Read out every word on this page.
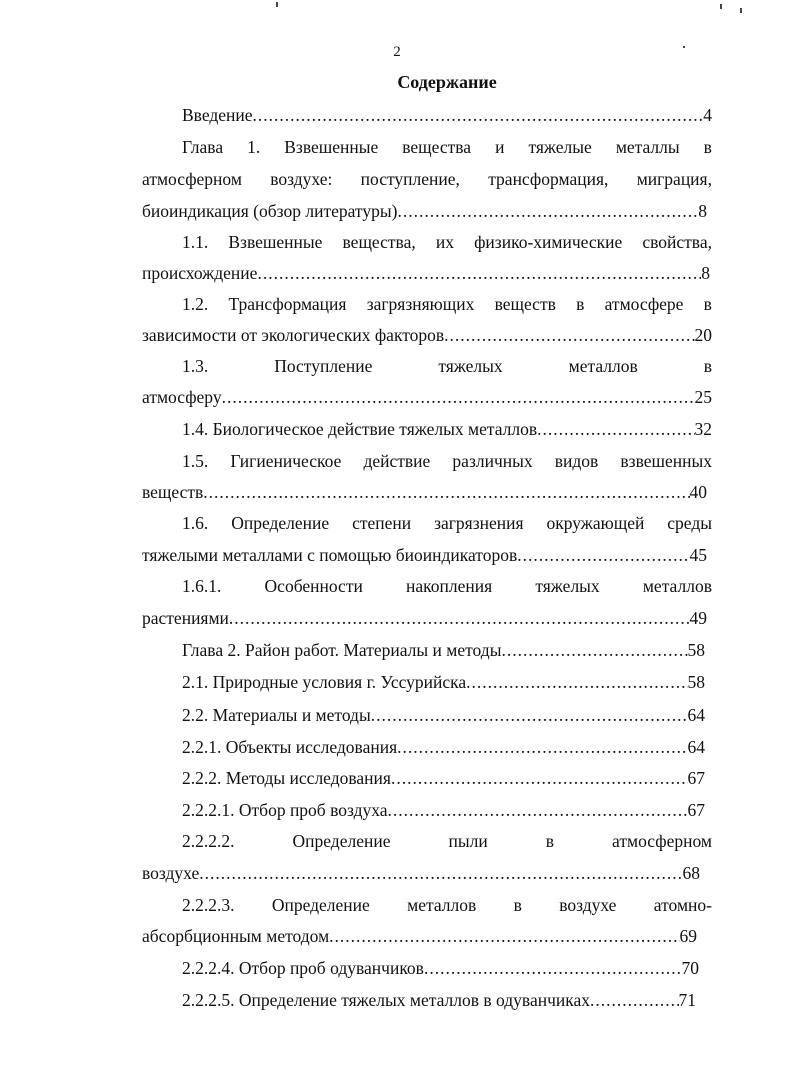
2
Содержание
Введение .....	4
Глава 1. Взвешенные вещества и тяжелые металлы в
атмосферном воздухе: поступление, трансформация, миграция,
биоиндикация (обзор литературы) .....	8
1.1. Взвешенные вещества, их физико-химические свойства,
происхождение .....	8
1.2. Трансформация загрязняющих веществ в атмосфере в
зависимости от экологических факторов .....	20
1.3.	Поступление	тяжелых	металлов	в
атмосферу .....	25
1.4. Биологическое действие тяжелых металлов .....	32
1.5. Гигиеническое действие различных видов взвешенных
веществ .....	40
1.6. Определение степени загрязнения окружающей среды
тяжелыми металлами с помощью биоиндикаторов .....	45
1.6.1. Особенности накопления тяжелых металлов
растениями .....	49
Глава 2. Район работ. Материалы и методы .....	58
2.1. Природные условия г. Уссурийска .....	58
2.2. Материалы и методы .....	64
2.2.1. Объекты исследования .....	64
2.2.2. Методы исследования .....	67
2.2.2.1. Отбор проб воздуха .....	67
2.2.2.2.	Определение	пыли	в	атмосферном
воздухе .....	68
2.2.2.3. Определение металлов в воздухе атомно-
абсорбционным методом .....	69
2.2.2.4. Отбор проб одуванчиков .....	70
2.2.2.5. Определение тяжелых металлов в одуванчиках .....	71
